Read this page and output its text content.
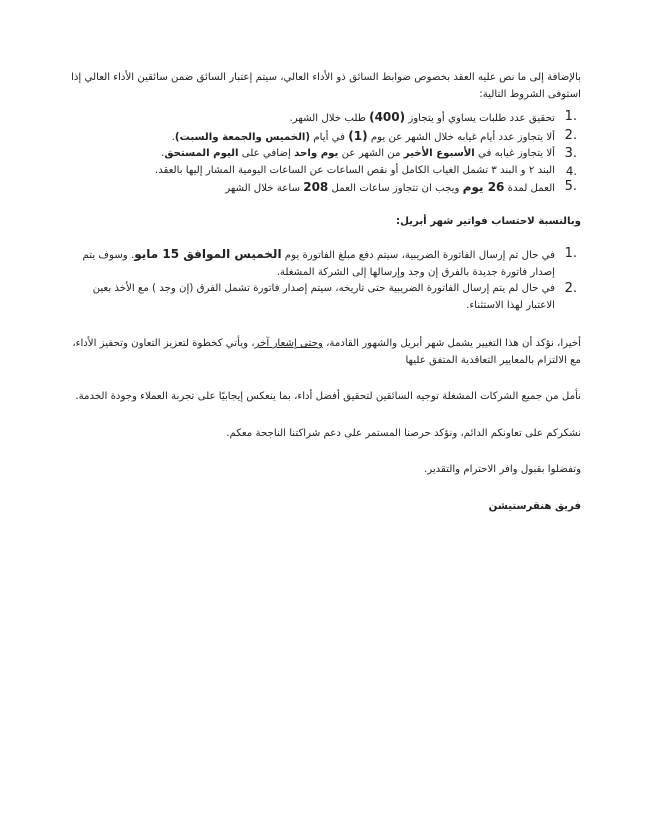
بالإضافة إلى ما نص عليه العقد بخصوص ضوابط السائق ذو الأداء العالي، سيتم إعتبار السائق ضمن سائقين الأداء العالي إذا استوفى الشروط التالية:

1.
تحقيق عدد طلبات يساوي أو يتجاوز (400) طلب خلال الشهر.
2.
ألا يتجاوز عدد أيام غيابه خلال الشهر عن يوم (1) في أيام (الخميس والجمعة والسبت).
3.
ألا يتجاوز غيابه في الأسبوع الأخير من الشهر عن يوم واحد إضافي على اليوم المستحق.
4.
البند ٢ و البند ٣ تشمل الغياب الكامل أو نقص الساعات عن الساعات اليومية المشار إليها بالعقد.
5.
العمل لمدة 26 يوم ويجب ان تتجاوز ساعات العمل 208 ساعة خلال الشهر

وبالنسبة لاحتساب فواتير شهر أبريل:

1.
في حال تم إرسال الفاتورة الضريبية، سيتم دفع مبلغ الفاتورة يوم الخميس الموافق 15 مايو. وسوف يتم إصدار فاتورة جديدة بالفرق إن وجد وإرسالها إلى الشركة المشغلة.
2.
في حال لم يتم إرسال الفاتورة الضريبية حتى تاريخه، سيتم إصدار فاتورة تشمل الفرق (إن وجد ) مع الأخذ بعين الاعتبار لهذا الاستثناء.

أخيرا، نؤكد أن هذا التغيير يشمل شهر أبريل والشهور القادمة، وحتى إشعار آخر، ويأتي كخطوة لتعزيز التعاون وتحفيز الأداء، مع الالتزام بالمعايير التعاقدية المتفق عليها

نأمل من جميع الشركات المشغلة توجيه السائقين لتحقيق أفضل أداء، بما ينعكس إيجابيًا على تجربة العملاء وجودة الخدمة.

نشكركم على تعاونكم الدائم، ونؤكد حرصنا المستمر على دعم شراكتنا الناجحة معكم.

وتفضلوا بقبول وافر الاحترام والتقدير.

فريق هنقرستيشن
